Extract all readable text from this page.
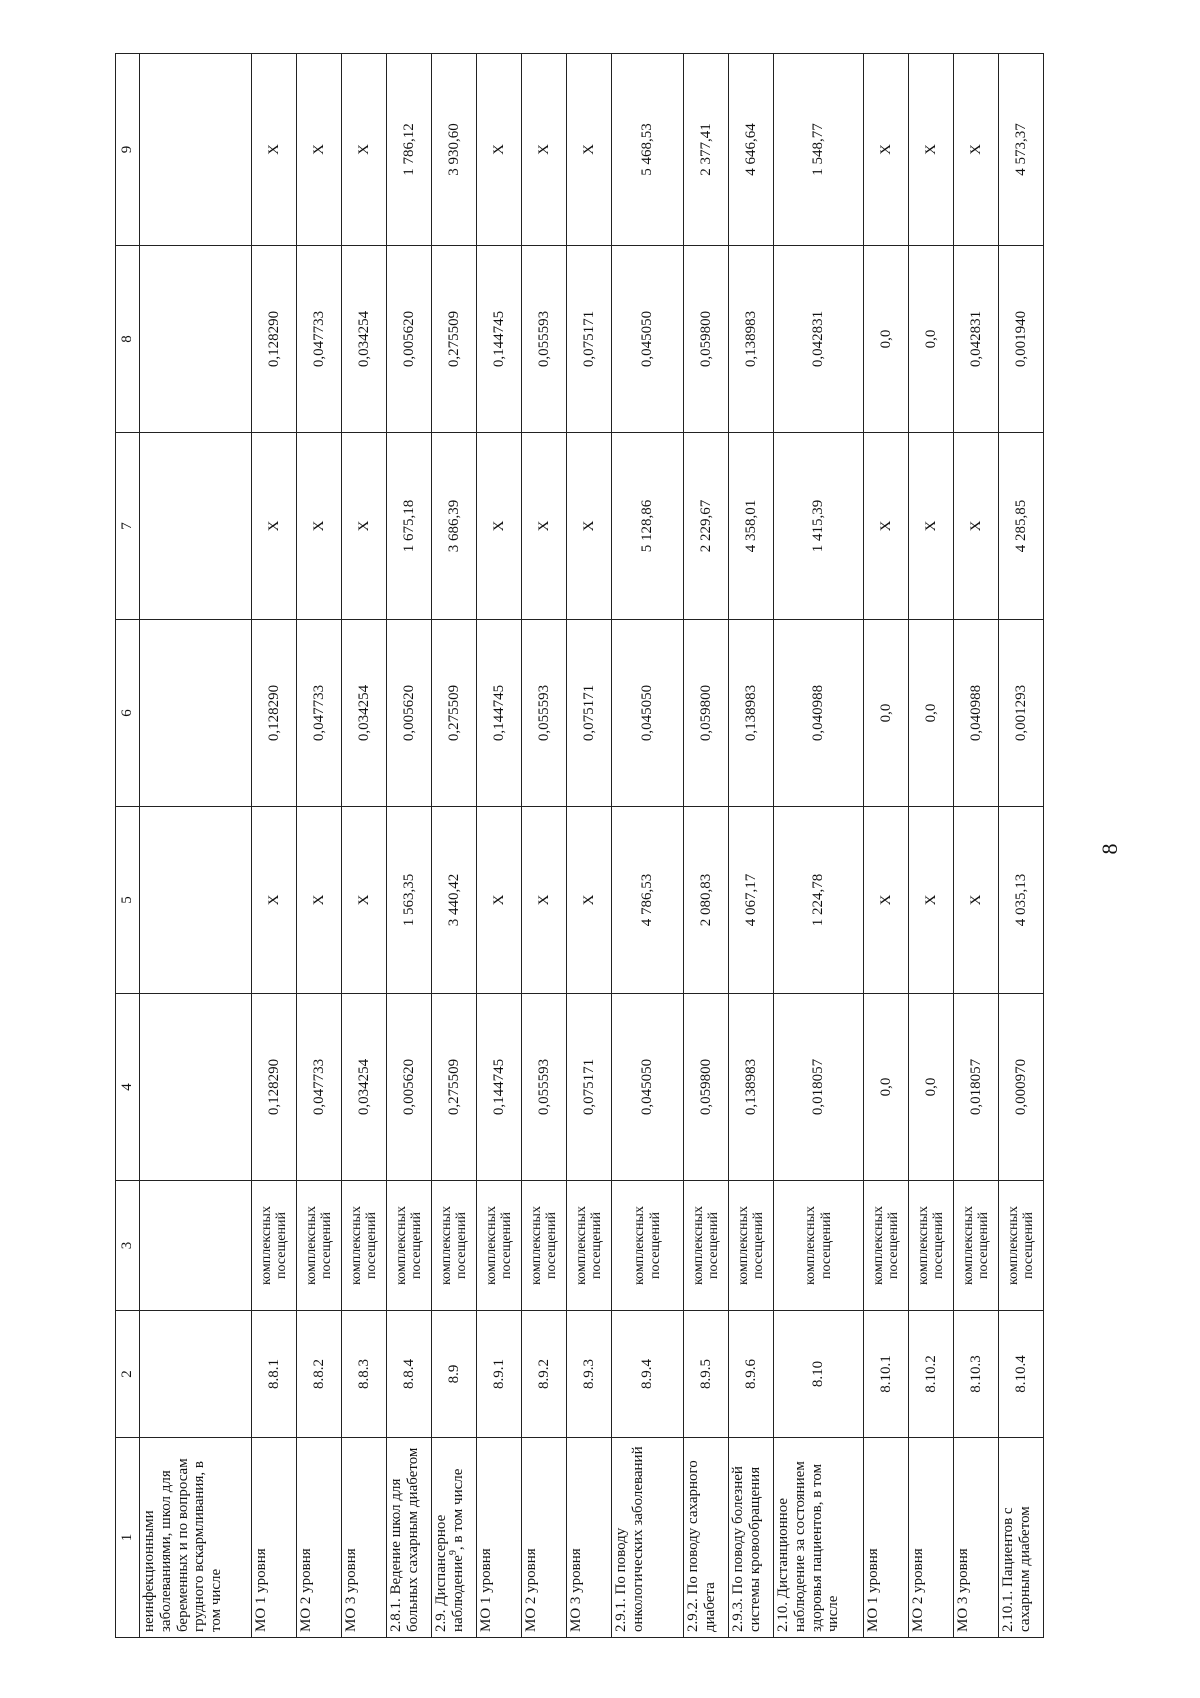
8
1	2	3	4	5	6	7	8	9
неинфекционными заболеваниями, школ для беременных и по вопросам грудного вскармливания, в том числе								
МО 1 уровня	8.8.1	комплексных посещений	0,128290	Х	0,128290	Х	0,128290	Х
МО 2 уровня	8.8.2	комплексных посещений	0,047733	Х	0,047733	Х	0,047733	Х
МО 3 уровня	8.8.3	комплексных посещений	0,034254	Х	0,034254	Х	0,034254	Х
2.8.1. Ведение школ для больных сахарным диабетом	8.8.4	комплексных посещений	0,005620	1 563,35	0,005620	1 675,18	0,005620	1 786,12
2.9. Диспансерное наблюдение$^9$, в том числе	8.9	комплексных посещений	0,275509	3 440,42	0,275509	3 686,39	0,275509	3 930,60
МО 1 уровня	8.9.1	комплексных посещений	0,144745	Х	0,144745	Х	0,144745	Х
МО 2 уровня	8.9.2	комплексных посещений	0,055593	Х	0,055593	Х	0,055593	Х
МО 3 уровня	8.9.3	комплексных посещений	0,075171	Х	0,075171	Х	0,075171	Х
2.9.1. По поводу онкологических заболеваний	8.9.4	комплексных посещений	0,045050	4 786,53	0,045050	5 128,86	0,045050	5 468,53
2.9.2. По поводу сахарного диабета	8.9.5	комплексных посещений	0,059800	2 080,83	0,059800	2 229,67	0,059800	2 377,41
2.9.3. По поводу болезней системы кровообращения	8.9.6	комплексных посещений	0,138983	4 067,17	0,138983	4 358,01	0,138983	4 646,64
2.10. Дистанционное наблюдение за состоянием здоровья пациентов, в том числе	8.10	комплексных посещений	0,018057	1 224,78	0,040988	1 415,39	0,042831	1 548,77
МО 1 уровня	8.10.1	комплексных посещений	0,0	Х	0,0	Х	0,0	Х
МО 2 уровня	8.10.2	комплексных посещений	0,0	Х	0,0	Х	0,0	Х
МО 3 уровня	8.10.3	комплексных посещений	0,018057	Х	0,040988	Х	0,042831	Х
2.10.1. Пациентов с сахарным диабетом	8.10.4	комплексных посещений	0,000970	4 035,13	0,001293	4 285,85	0,001940	4 573,37
